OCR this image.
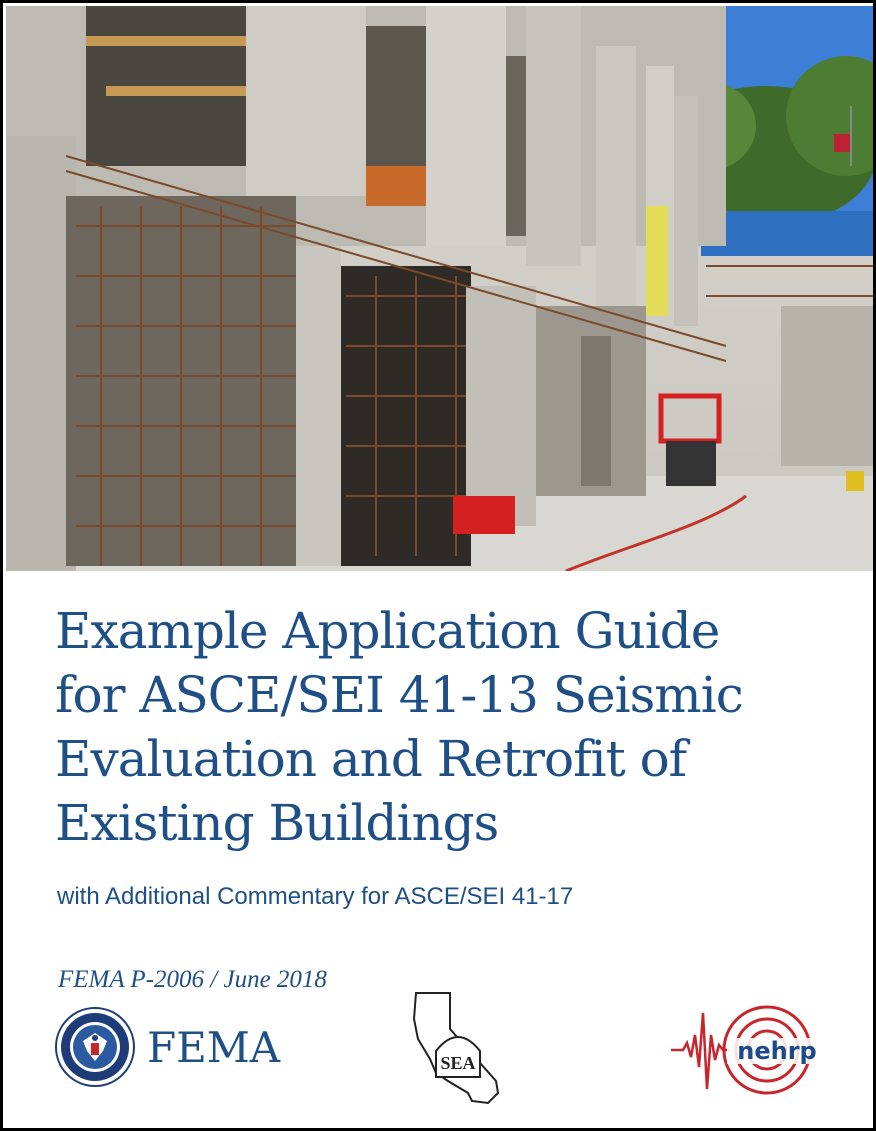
Example Application Guide
for ASCE/SEI 41-13 Seismic
Evaluation and Retrofit of
Existing Buildings

with Additional Commentary for ASCE/SEI 41-17

FEMA P-2006 / June 2018

FEMA	SEA	nehrp
